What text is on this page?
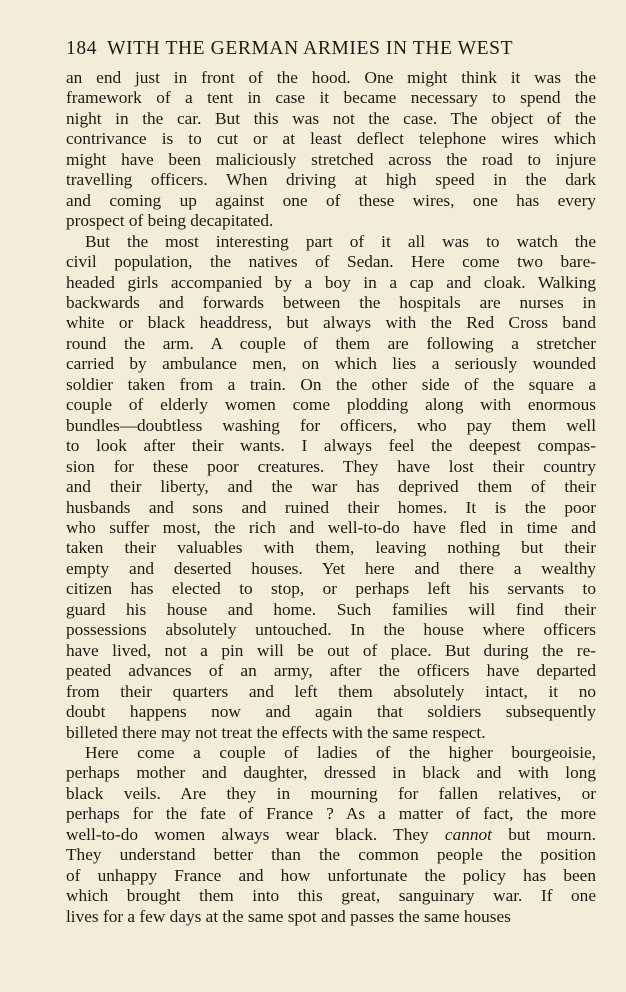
184 WITH THE GERMAN ARMIES IN THE WEST
an end just in front of the hood. One might think it was the
framework of a tent in case it became necessary to spend the
night in the car. But this was not the case. The object of the
contrivance is to cut or at least deflect telephone wires which
might have been maliciously stretched across the road to injure
travelling officers. When driving at high speed in the dark
and coming up against one of these wires, one has every
prospect of being decapitated.
But the most interesting part of it all was to watch the
civil population, the natives of Sedan. Here come two bare-
headed girls accompanied by a boy in a cap and cloak. Walking
backwards and forwards between the hospitals are nurses in
white or black headdress, but always with the Red Cross band
round the arm. A couple of them are following a stretcher
carried by ambulance men, on which lies a seriously wounded
soldier taken from a train. On the other side of the square a
couple of elderly women come plodding along with enormous
bundles—doubtless washing for officers, who pay them well
to look after their wants. I always feel the deepest compas-
sion for these poor creatures. They have lost their country
and their liberty, and the war has deprived them of their
husbands and sons and ruined their homes. It is the poor
who suffer most, the rich and well-to-do have fled in time and
taken their valuables with them, leaving nothing but their
empty and deserted houses. Yet here and there a wealthy
citizen has elected to stop, or perhaps left his servants to
guard his house and home. Such families will find their
possessions absolutely untouched. In the house where officers
have lived, not a pin will be out of place. But during the re-
peated advances of an army, after the officers have departed
from their quarters and left them absolutely intact, it no
doubt happens now and again that soldiers subsequently
billeted there may not treat the effects with the same respect.
Here come a couple of ladies of the higher bourgeoisie,
perhaps mother and daughter, dressed in black and with long
black veils. Are they in mourning for fallen relatives, or
perhaps for the fate of France ? As a matter of fact, the more
well-to-do women always wear black. They cannot but mourn.
They understand better than the common people the position
of unhappy France and how unfortunate the policy has been
which brought them into this great, sanguinary war. If one
lives for a few days at the same spot and passes the same houses
